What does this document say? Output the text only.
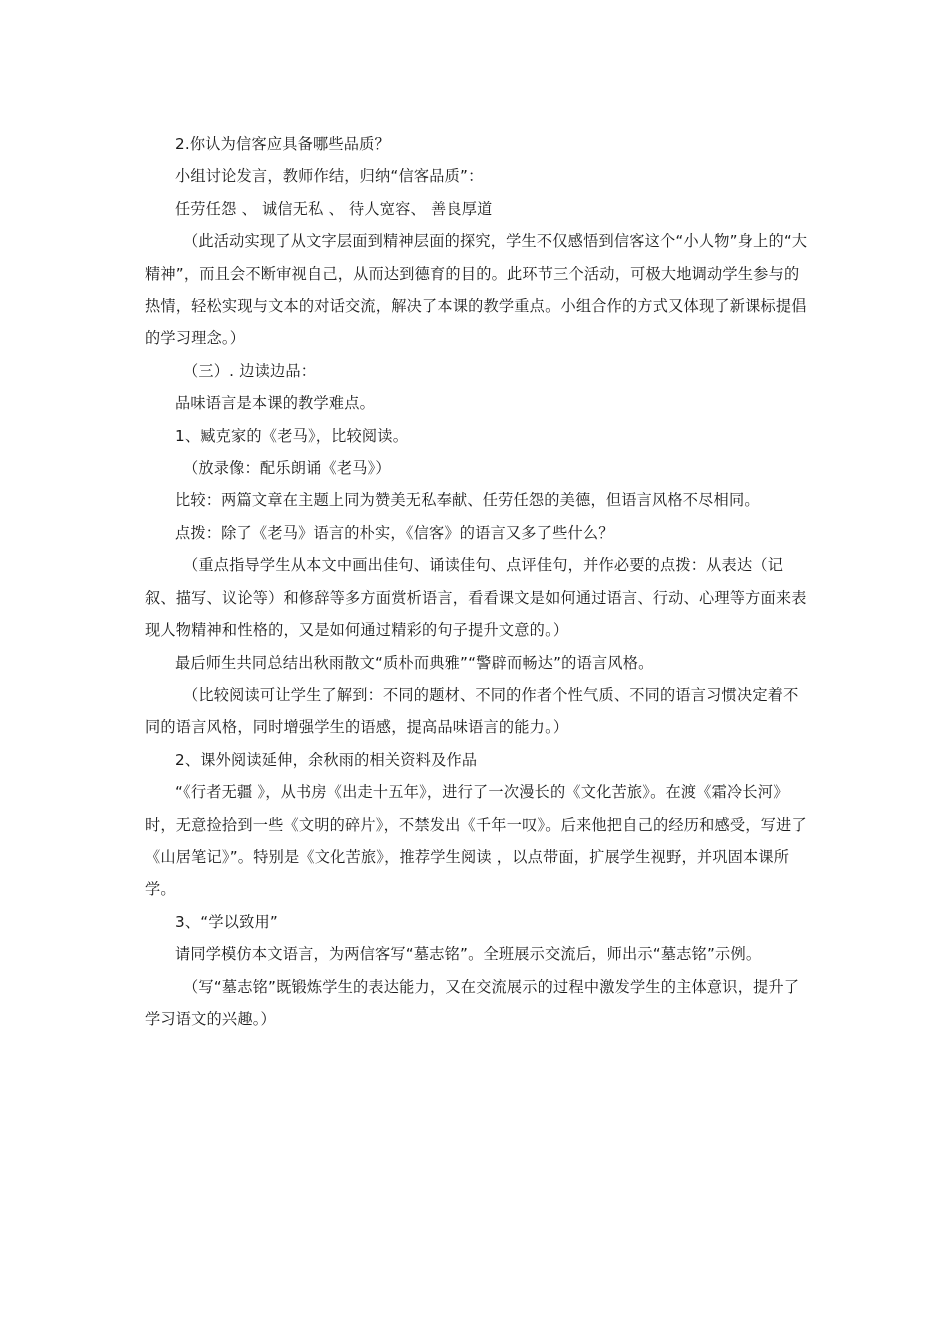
2.你认为信客应具备哪些品质？

小组讨论发言，教师作结，归纳“信客品质”：

任劳任怨 、 诚信无私 、 待人宽容、 善良厚道

（此活动实现了从文字层面到精神层面的探究，学生不仅感悟到信客这个“小人物”身上的“大精神”，而且会不断审视自己，从而达到德育的目的。此环节三个活动，可极大地调动学生参与的热情，轻松实现与文本的对话交流，解决了本课的教学重点。小组合作的方式又体现了新课标提倡的学习理念。）

（三）. 边读边品：

品味语言是本课的教学难点。

1、臧克家的《老马》，比较阅读。

（放录像：配乐朗诵《老马》）

比较：两篇文章在主题上同为赞美无私奉献、任劳任怨的美德，但语言风格不尽相同。

点拨：除了《老马》语言的朴实，《信客》的语言又多了些什么？

（重点指导学生从本文中画出佳句、诵读佳句、点评佳句，并作必要的点拨：从表达（记叙、描写、议论等）和修辞等多方面赏析语言，看看课文是如何通过语言、行动、心理等方面来表现人物精神和性格的，又是如何通过精彩的句子提升文意的。）

最后师生共同总结出秋雨散文“质朴而典雅”“警辟而畅达”的语言风格。

（比较阅读可让学生了解到：不同的题材、不同的作者个性气质、不同的语言习惯决定着不同的语言风格，同时增强学生的语感，提高品味语言的能力。）

2、课外阅读延伸，余秋雨的相关资料及作品

“《行者无疆 》，从书房《出走十五年》，进行了一次漫长的《文化苦旅》。在渡《霜冷长河》时，无意捡拾到一些《文明的碎片》，不禁发出《千年一叹》。后来他把自己的经历和感受，写进了《山居笔记》”。特别是《文化苦旅》，推荐学生阅读 ，以点带面，扩展学生视野，并巩固本课所学。

3、“学以致用”

请同学模仿本文语言，为两信客写“墓志铭”。全班展示交流后，师出示“墓志铭”示例。

（写“墓志铭”既锻炼学生的表达能力，又在交流展示的过程中激发学生的主体意识，提升了学习语文的兴趣。）
